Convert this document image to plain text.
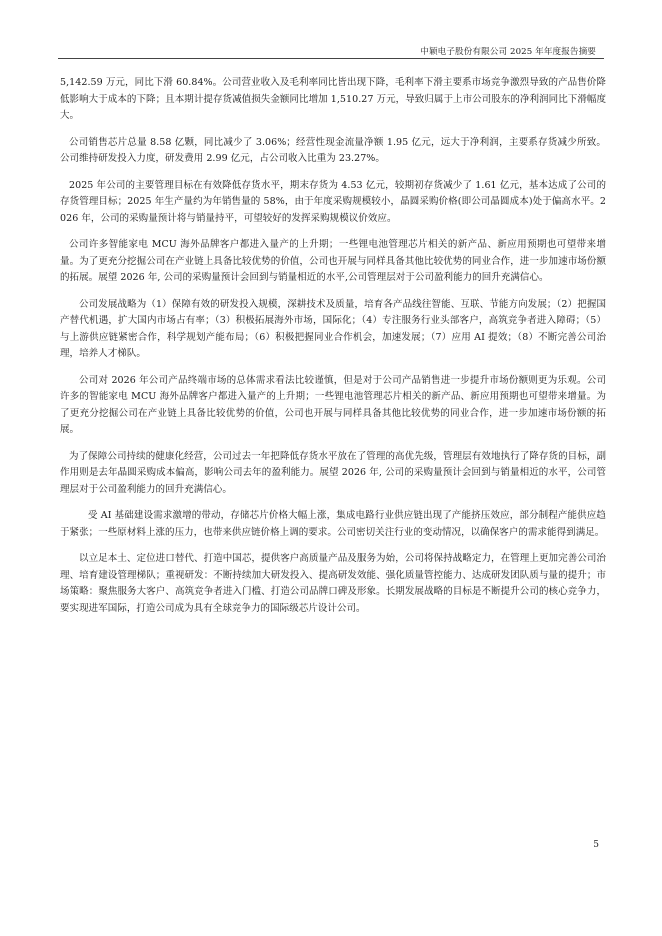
中颖电子股份有限公司 2025 年年度报告摘要

5,142.59 万元，同比下滑 60.84%。公司营业收入及毛利率同比皆出现下降，毛利率下滑主要系市场竞争激烈导致的产品售价降低影响大于成本的下降；且本期计提存货减值损失金额同比增加 1,510.27 万元，导致归属于上市公司股东的净利润同比下滑幅度大。

公司销售芯片总量 8.58 亿颗，同比减少了 3.06%；经营性现金流量净额 1.95 亿元，远大于净利润，主要系存货减少所致。公司维持研发投入力度，研发费用 2.99 亿元，占公司收入比重为 23.27%。

2025 年公司的主要管理目标在有效降低存货水平，期末存货为 4.53 亿元，较期初存货减少了 1.61 亿元，基本达成了公司的存货管理目标；2025 年生产量约为年销售量的 58%，由于年度采购规模较小，晶圆采购价格(即公司晶圆成本)处于偏高水平。2026 年，公司的采购量预计将与销量持平，可望较好的发挥采购规模议价效应。

公司许多智能家电 MCU 海外品牌客户都进入量产的上升期；一些锂电池管理芯片相关的新产品、新应用预期也可望带来增量。为了更充分挖掘公司在产业链上具备比较优势的价值，公司也开展与同样具备其他比较优势的同业合作，进一步加速市场份额的拓展。展望 2026 年, 公司的采购量预计会回到与销量相近的水平,公司管理层对于公司盈利能力的回升充满信心。

公司发展战略为（1）保障有效的研发投入规模，深耕技术及质量，培育各产品线往智能、互联、节能方向发展；（2）把握国产替代机遇，扩大国内市场占有率；（3）积极拓展海外市场，国际化；（4）专注服务行业头部客户，高筑竞争者进入障碍；（5）与上游供应链紧密合作，科学规划产能布局；（6）积极把握同业合作机会，加速发展；（7）应用 AI 提效；（8）不断完善公司治理，培养人才梯队。

公司对 2026 年公司产品终端市场的总体需求看法比较谨慎，但是对于公司产品销售进一步提升市场份额则更为乐观。公司许多的智能家电 MCU 海外品牌客户都进入量产的上升期；一些锂电池管理芯片相关的新产品、新应用预期也可望带来增量。为了更充分挖掘公司在产业链上具备比较优势的价值，公司也开展与同样具备其他比较优势的同业合作，进一步加速市场份额的拓展。

为了保障公司持续的健康化经营，公司过去一年把降低存货水平放在了管理的高优先级，管理层有效地执行了降存货的目标，副作用则是去年晶圆采购成本偏高，影响公司去年的盈利能力。展望 2026 年, 公司的采购量预计会回到与销量相近的水平，公司管理层对于公司盈利能力的回升充满信心。

受 AI 基础建设需求激增的带动，存储芯片价格大幅上涨，集成电路行业供应链出现了产能挤压效应，部分制程产能供应趋于紧张；一些原材料上涨的压力，也带来供应链价格上调的要求。公司密切关注行业的变动情况，以确保客户的需求能得到满足。

以立足本土、定位进口替代、打造中国芯，提供客户高质量产品及服务为始，公司将保持战略定力，在管理上更加完善公司治理、培育建设管理梯队；重视研发：不断持续加大研发投入、提高研发效能、强化质量管控能力、达成研发团队质与量的提升；市场策略：聚焦服务大客户、高筑竞争者进入门槛、打造公司品牌口碑及形象。长期发展战略的目标是不断提升公司的核心竞争力，要实现进军国际，打造公司成为具有全球竞争力的国际级芯片设计公司。

5
